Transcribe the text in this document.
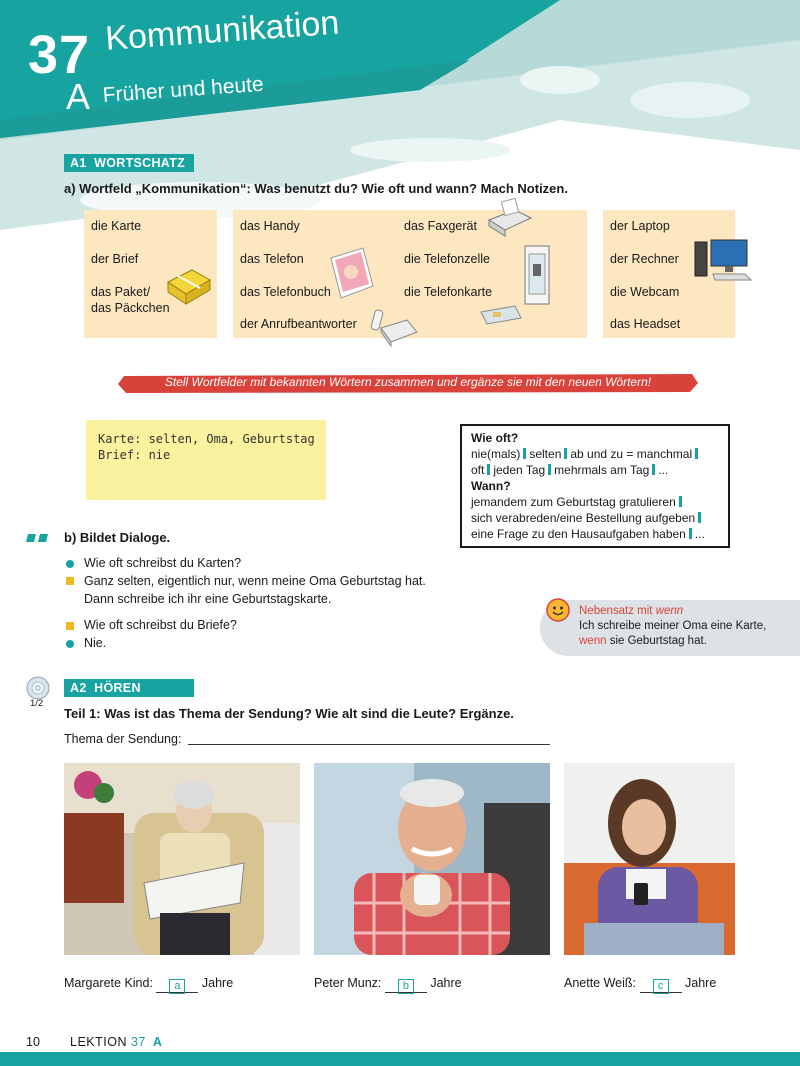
37 Kommunikation
A Früher und heute
A1  WORTSCHATZ
a) Wortfeld „Kommunikation“: Was benutzt du? Wie oft und wann? Mach Notizen.
die Karte
der Brief
das Paket/
das Päckchen
das Handy
das Telefon
das Telefonbuch
der Anrufbeantworter
das Faxgerät
die Telefonzelle
die Telefonkarte
der Laptop
der Rechner
die Webcam
das Headset
Stell Wortfelder mit bekannten Wörtern zusammen und ergänze sie mit den neuen Wörtern!
Karte: selten, Oma, Geburtstag
Brief: nie
Wie oft?
nie(mals) selten ab und zu = manchmal
oft jeden Tag mehrmals am Tag ...
Wann?
jemandem zum Geburtstag gratulieren
sich verabreden/eine Bestellung aufgeben
eine Frage zu den Hausaufgaben haben ...
b) Bildet Dialoge.
Wie oft schreibst du Karten?
Ganz selten, eigentlich nur, wenn meine Oma Geburtstag hat.
Dann schreibe ich ihr eine Geburtstagskarte.
Wie oft schreibst du Briefe?
Nie.
Nebensatz mit wenn
Ich schreibe meiner Oma eine Karte,
wenn sie Geburtstag hat.
1/2
A2  HÖREN
Teil 1: Was ist das Thema der Sendung? Wie alt sind die Leute? Ergänze.
Thema der Sendung:
Margarete Kind: a Jahre	Peter Munz: b Jahre	Anette Weiß: c Jahre
10 LEKTION 37 A
